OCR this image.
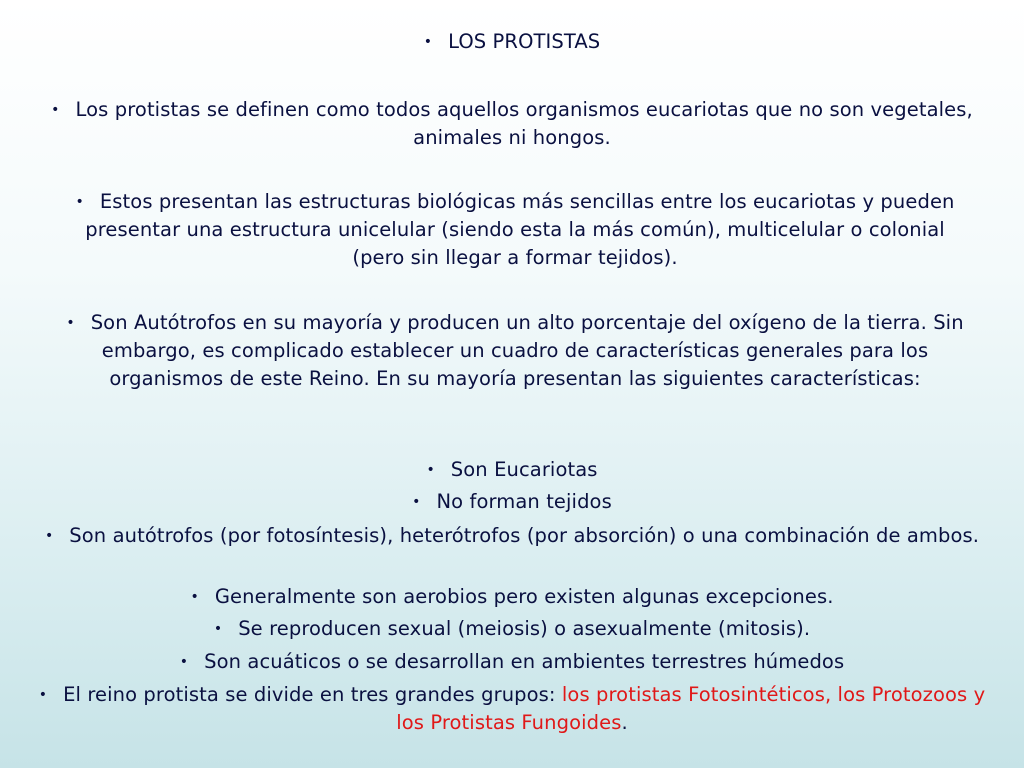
• LOS PROTISTAS
• Los protistas se definen como todos aquellos organismos eucariotas que no son vegetales, animales ni hongos.
• Estos presentan las estructuras biológicas más sencillas entre los eucariotas y pueden presentar una estructura unicelular (siendo esta la más común), multicelular o colonial (pero sin llegar a formar tejidos).
• Son Autótrofos en su mayoría y producen un alto porcentaje del oxígeno de la tierra. Sin embargo, es complicado establecer un cuadro de características generales para los organismos de este Reino. En su mayoría presentan las siguientes características:
• Son Eucariotas
• No forman tejidos
• Son autótrofos (por fotosíntesis), heterótrofos (por absorción) o una combinación de ambos.
• Generalmente son aerobios pero existen algunas excepciones.
• Se reproducen sexual (meiosis) o asexualmente (mitosis).
• Son acuáticos o se desarrollan en ambientes terrestres húmedos
• El reino protista se divide en tres grandes grupos: los protistas Fotosintéticos, los Protozoos y los Protistas Fungoides.
